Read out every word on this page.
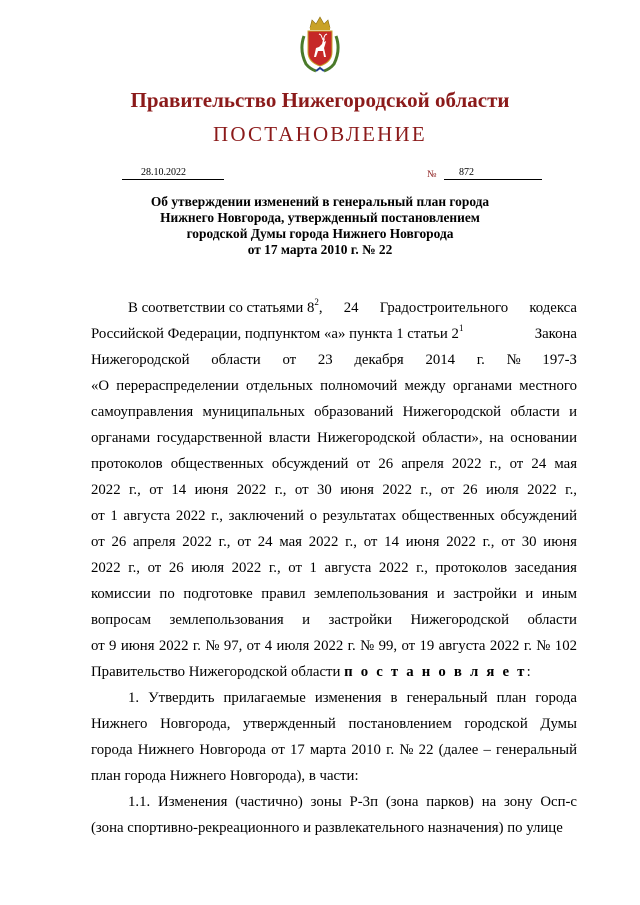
Правительство Нижегородской области
ПОСТАНОВЛЕНИЕ
28.10.2022	№	872
Об утверждении изменений в генеральный план города
Нижнего Новгорода, утвержденный постановлением
городской Думы города Нижнего Новгорода
от 17 марта 2010 г. № 22
В соответствии со статьями $8^2$ , 24 Градостроительного кодекса
Российской Федерации, подпунктом «а» пункта 1 статьи $2^1$	Закона
Нижегородской области от 23 декабря 2014 г. № 197-З
«О перераспределении отдельных полномочий между органами местного
самоуправления муниципальных образований Нижегородской области и
органами государственной власти Нижегородской области», на основании
протоколов общественных обсуждений от 26 апреля 2022 г., от 24 мая
2022 г., от 14 июня 2022 г., от 30 июня 2022 г., от 26 июля 2022 г.,
от 1 августа 2022 г., заключений о результатах общественных обсуждений
от 26 апреля 2022 г., от 24 мая 2022 г., от 14 июня 2022 г., от 30 июня
2022 г., от 26 июля 2022 г., от 1 августа 2022 г., протоколов заседания
комиссии по подготовке правил землепользования и застройки и иным
вопросам землепользования и застройки Нижегородской области
от 9 июня 2022 г. № 97, от 4 июля 2022 г. № 99, от 19 августа 2022 г. № 102
Правительство Нижегородской области п о с т а н о в л я е т :
1. Утвердить прилагаемые изменения в генеральный план города
Нижнего Новгорода, утвержденный постановлением городской Думы
города Нижнего Новгорода от 17 марта 2010 г. № 22 (далее – генеральный
план города Нижнего Новгорода), в части:
1.1. Изменения (частично) зоны Р-3п (зона парков) на зону Осп-с
(зона спортивно-рекреационного и развлекательного назначения) по улице
